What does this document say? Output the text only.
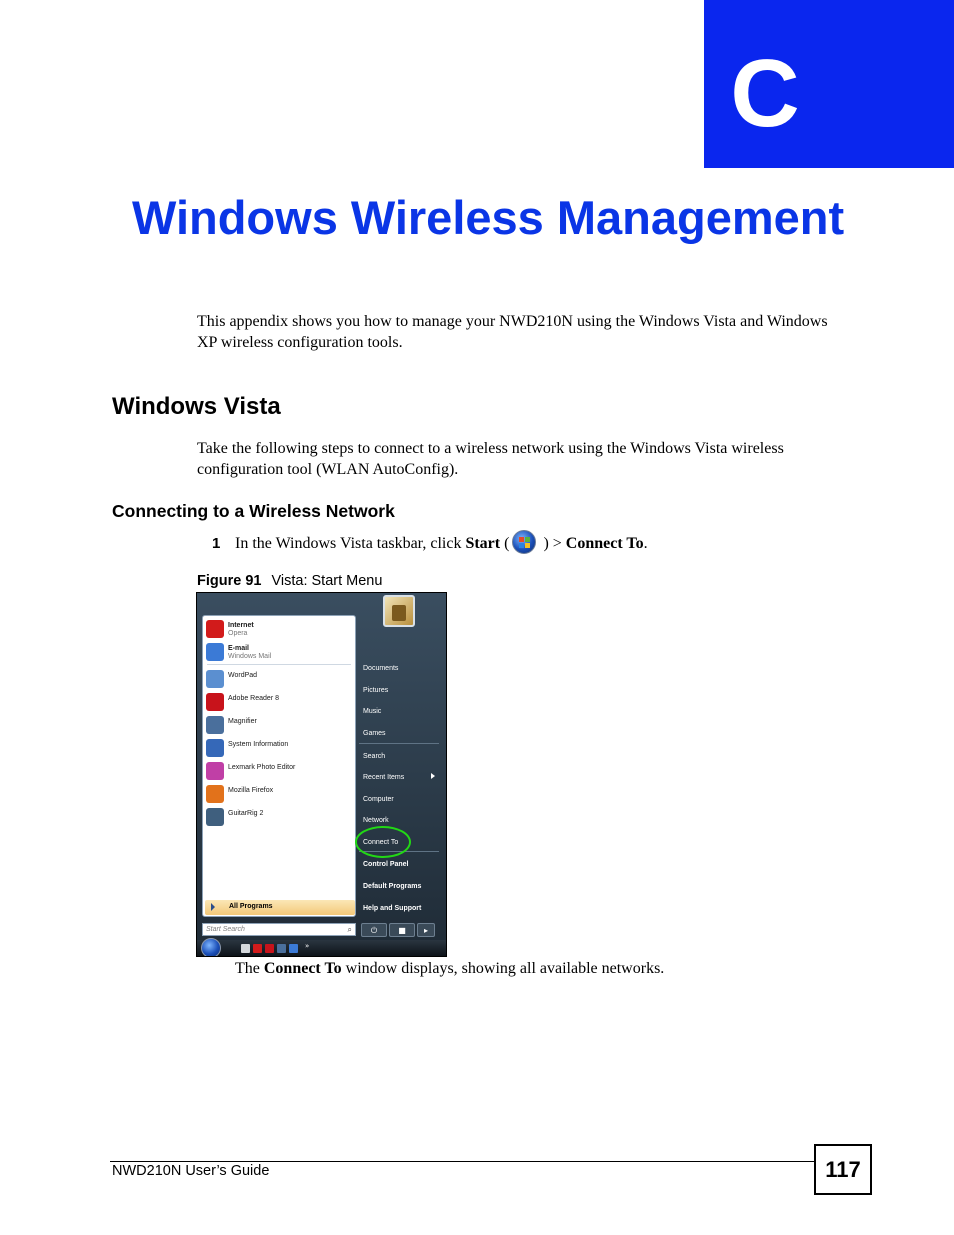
C
Windows Wireless Management

This appendix shows you how to manage your NWD210N using the Windows Vista and Windows XP wireless configuration tools.

Windows Vista

Take the following steps to connect to a wireless network using the Windows Vista wireless configuration tool (WLAN AutoConfig).

Connecting to a Wireless Network
1 In the Windows Vista taskbar, click Start ( ) > Connect To.
Figure 91 Vista: Start Menu
All Programs
Internet
Opera
E-mail
Windows Mail
WordPad
Adobe Reader 8
Magnifier
System Information
Lexmark Photo Editor
Mozilla Firefox
GuitarRig 2
Start Search	⌕
Documents
Pictures
Music
Games
Search
Recent Items
Computer
Network
Connect To
Control Panel
Default Programs
Help and Support
⏻	■	▸
»

The Connect To window displays, showing all available networks.

NWD210N User’s Guide	117
